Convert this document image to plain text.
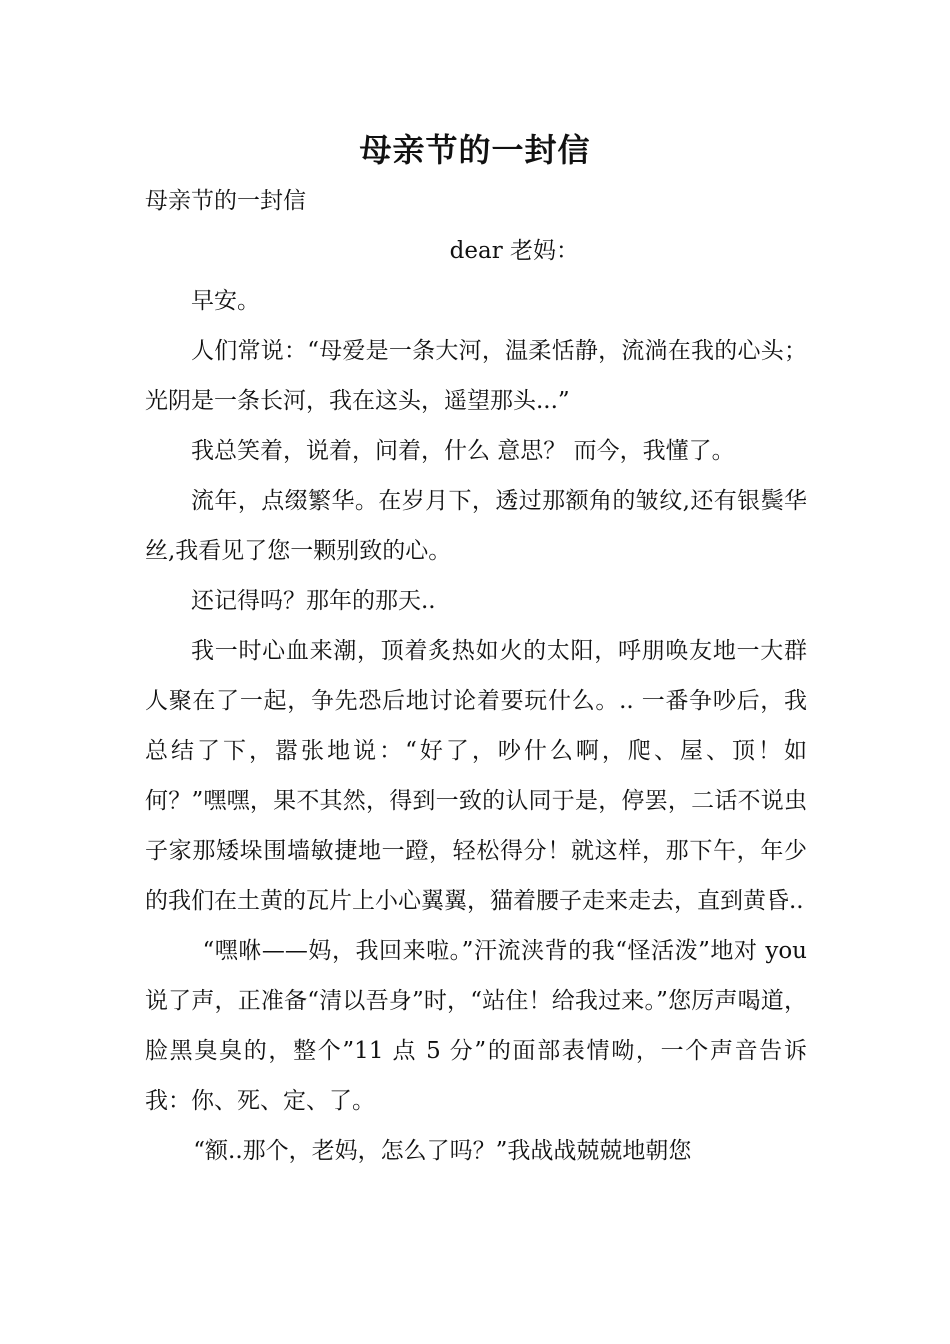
母亲节的一封信

母亲节的一封信

dear 老妈：

早安。

人们常说：“母爱是一条大河，温柔恬静，流淌在我的心头；光阴是一条长河，我在这头，遥望那头...”

我总笑着，说着，问着，什么 意思？ 而今，我懂了。

流年，点缀繁华。在岁月下，透过那额角的皱纹,还有银鬓华丝,我看见了您一颗别致的心。

还记得吗？那年的那天..

我一时心血来潮，顶着炙热如火的太阳，呼朋唤友地一大群人聚在了一起，争先恐后地讨论着要玩什么。.. 一番争吵后，我总结了下，嚣张地说：“好了，吵什么啊，爬、屋、顶！如何？”嘿嘿，果不其然，得到一致的认同于是，停罢，二话不说虫子家那矮垛围墙敏捷地一蹬，轻松得分！就这样，那下午，年少的我们在土黄的瓦片上小心翼翼，猫着腰子走来走去，直到黄昏..

“嘿咻——妈，我回来啦。”汗流浃背的我“怪活泼”地对 you 说了声，正准备“清以吾身”时，“站住！给我过来。”您厉声喝道，脸黑臭臭的，整个”11 点 5 分”的面部表情呦，一个声音告诉我：你、死、定、了。

“额..那个，老妈，怎么了吗？”我战战兢兢地朝您
